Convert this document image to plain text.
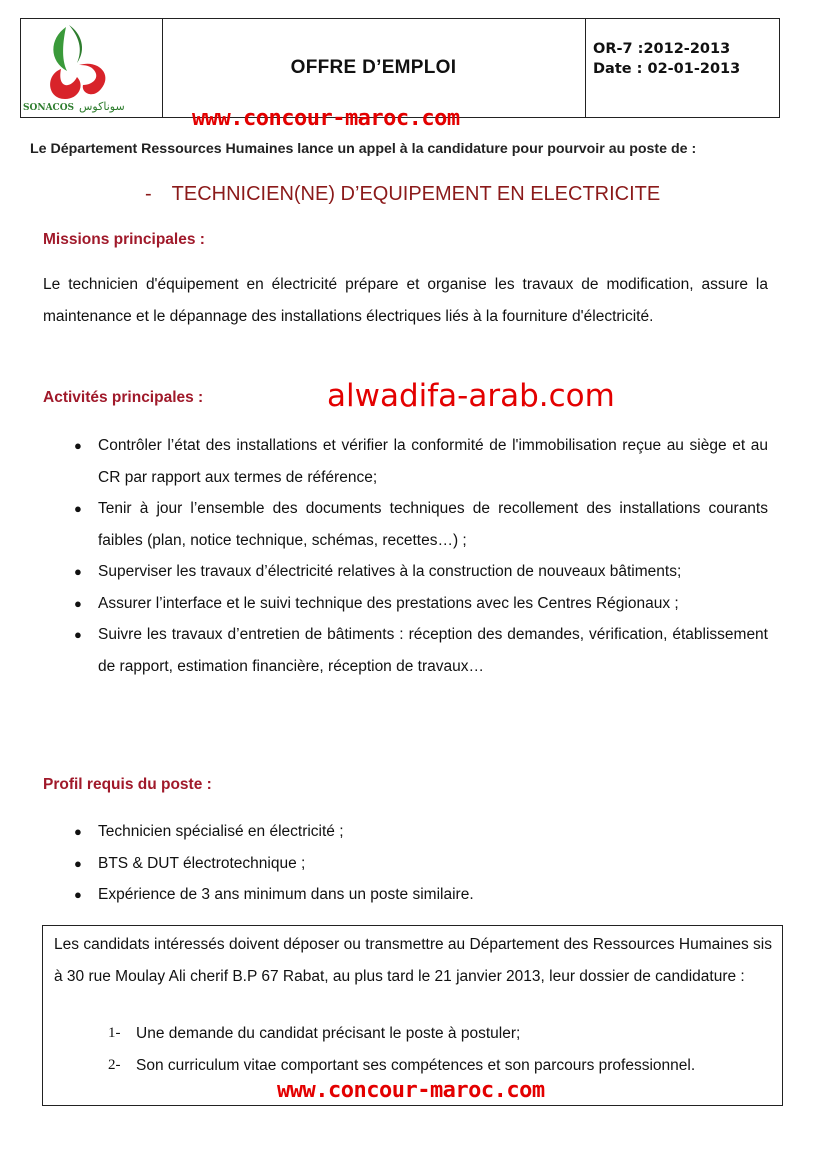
SONACOS سوناكوس
OFFRE D’EMPLOI
OR-7 :2012-2013
Date : 02-01-2013
www.concour-maroc.com
Le Département Ressources Humaines lance un appel à la candidature pour pourvoir au poste de :
- TECHNICIEN(NE) D’EQUIPEMENT EN ELECTRICITE
Missions principales :
Le technicien d'équipement en électricité prépare et organise les travaux de modification, assure la maintenance et le dépannage des installations électriques liés à la fourniture d'électricité.
Activités principales :	alwadifa-arab.com
● Contrôler l’état des installations et vérifier la conformité de l'immobilisation reçue au siège et au CR par rapport aux termes de référence;
● Tenir à jour l’ensemble des documents techniques de recollement des installations courants faibles (plan, notice technique, schémas, recettes…) ;
● Superviser les travaux d’électricité relatives à la construction de nouveaux bâtiments;
● Assurer l’interface et le suivi technique des prestations avec les Centres Régionaux ;
● Suivre les travaux d’entretien de bâtiments : réception des demandes, vérification, établissement de rapport, estimation financière, réception de travaux…
Profil requis du poste :
● Technicien spécialisé en électricité ;
● BTS & DUT électrotechnique ;
● Expérience de 3 ans minimum dans un poste similaire.
Les candidats intéressés doivent déposer ou transmettre au Département des Ressources Humaines sis à 30 rue Moulay Ali cherif B.P 67 Rabat, au plus tard le 21 janvier 2013, leur dossier de candidature :
1- Une demande du candidat précisant le poste à postuler;
2- Son curriculum vitae comportant ses compétences et son parcours professionnel.
www.concour-maroc.com
